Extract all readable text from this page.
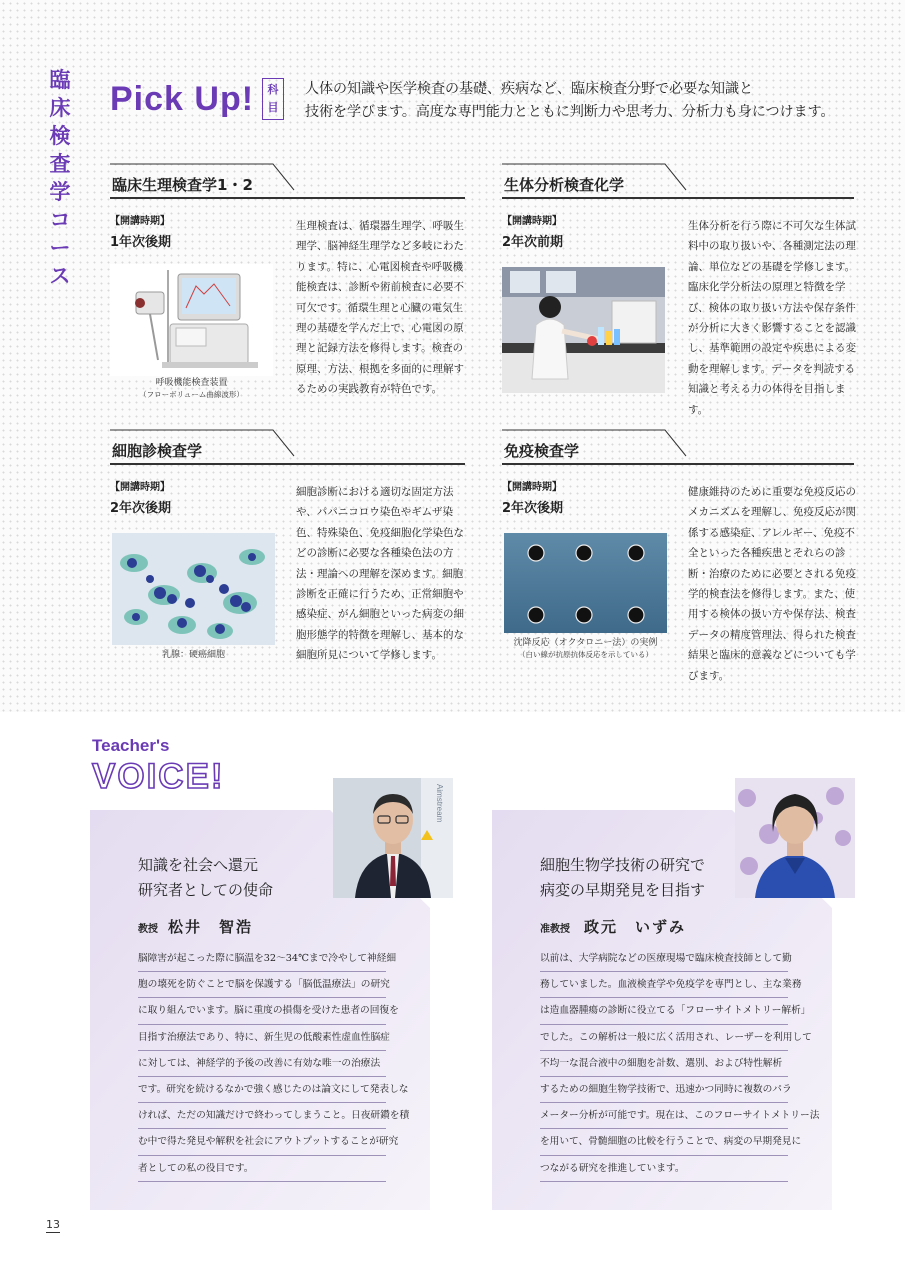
臨
床
検
査
学
コ
ー
ス
Pick Up!	科
目
人体の知識や医学検査の基礎、疾病など、臨床検査分野で必要な知識と
技術を学びます。高度な専門能力とともに判断力や思考力、分析力も身につけます。
臨床生理検査学1・2
【開講時期】
1年次後期
生理検査は、循環器生理学、呼吸生理学、脳神経生理学など多岐にわたります。特に、心電図検査や呼吸機能検査は、診断や術前検査に必要不可欠です。循環生理と心臓の電気生理の基礎を学んだ上で、心電図の原理と記録方法を修得します。検査の原理、方法、根拠を多面的に理解するための実践教育が特色です。
呼吸機能検査装置
（フローボリューム曲線波形）
生体分析検査化学
【開講時期】
2年次前期
生体分析を行う際に不可欠な生体試料中の取り扱いや、各種測定法の理論、単位などの基礎を学修します。臨床化学分析法の原理と特徴を学び、検体の取り扱い方法や保存条件が分析に大きく影響することを認識し、基準範囲の設定や疾患による変動を理解します。データを判読する知識と考える力の体得を目指します。
細胞診検査学
【開講時期】
2年次後期
細胞診断における適切な固定方法や、パパニコロウ染色やギムザ染色、特殊染色、免疫細胞化学染色などの診断に必要な各種染色法の方法・理論への理解を深めます。細胞診断を正確に行うため、正常細胞や感染症、がん細胞といった病変の細胞形態学的特徴を理解し、基本的な細胞所見について学修します。
乳腺：硬癌細胞
免疫検査学
【開講時期】
2年次後期
健康維持のために重要な免疫反応のメカニズムを理解し、免疫反応が関係する感染症、アレルギー、免疫不全といった各種疾患とそれらの診断・治療のために必要とされる免疫学的検査法を修得します。また、使用する検体の扱い方や保存法、検査データの精度管理法、得られた検査結果と臨床的意義などについても学びます。
沈降反応（オクタロニー法）の実例
（白い線が抗原抗体反応を示している）
Teacher's
VOICE!
Aimstream
知識を社会へ還元
研究者としての使命
教授 松井　智浩
脳障害が起こった際に脳温を32〜34℃まで冷やして神経細
胞の壊死を防ぐことで脳を保護する「脳低温療法」の研究
に取り組んでいます。脳に重度の損傷を受けた患者の回復を
目指す治療法であり、特に、新生児の低酸素性虚血性脳症
に対しては、神経学的予後の改善に有効な唯一の治療法
です。研究を続けるなかで強く感じたのは論文にして発表しな
ければ、ただの知識だけで終わってしまうこと。日夜研鑽を積
む中で得た発見や解釈を社会にアウトプットすることが研究
者としての私の役目です。
細胞生物学技術の研究で
病変の早期発見を目指す
准教授 政元　いずみ
以前は、大学病院などの医療現場で臨床検査技師として勤
務していました。血液検査学や免疫学を専門とし、主な業務
は造血器腫瘍の診断に役立てる「フローサイトメトリー解析」
でした。この解析は一般に広く活用され、レーザーを利用して
不均一な混合液中の細胞を計数、選別、および特性解析
するための細胞生物学技術で、迅速かつ同時に複数のパラ
メーター分析が可能です。現在は、このフローサイトメトリー法
を用いて、骨髄細胞の比較を行うことで、病変の早期発見に
つながる研究を推進しています。
13
